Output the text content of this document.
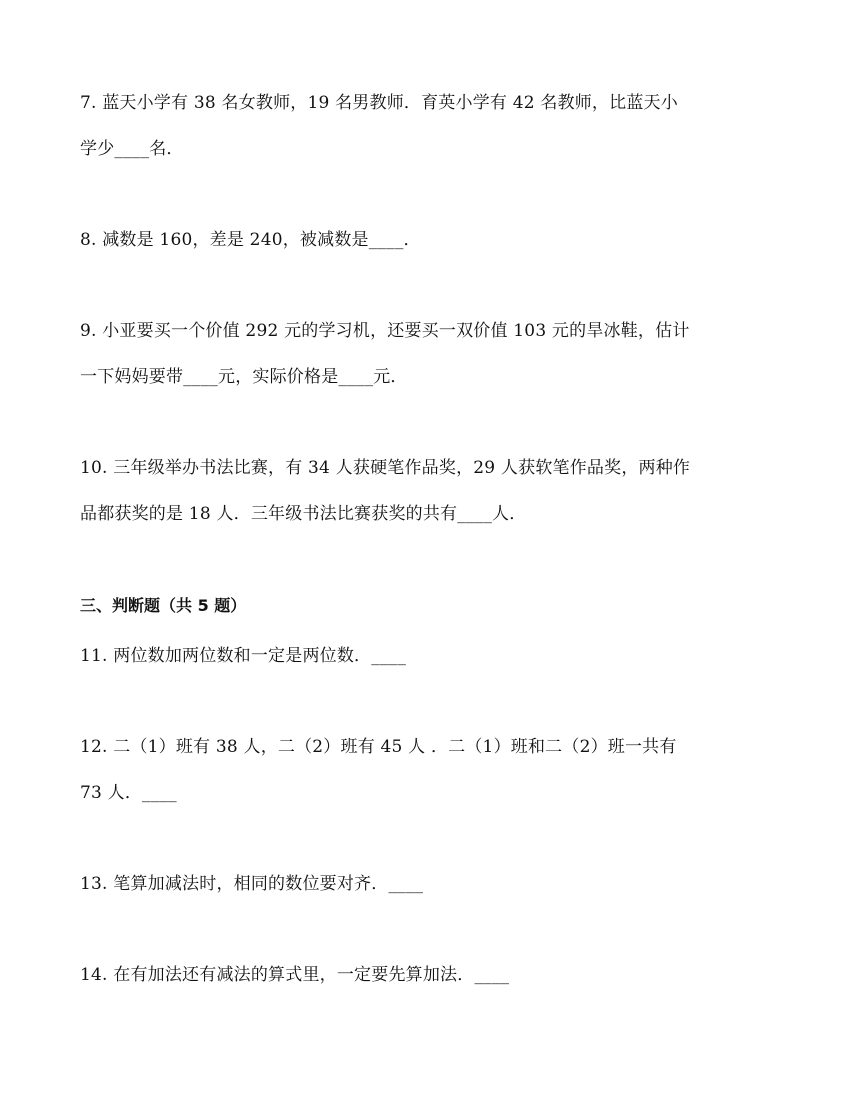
7. 蓝天小学有 38 名女教师，19 名男教师．育英小学有 42 名教师，比蓝天小
学少____名．
8. 减数是 160，差是 240，被减数是____．
9. 小亚要买一个价值 292 元的学习机，还要买一双价值 103 元的旱冰鞋，估计
一下妈妈要带____元，实际价格是____元．
10. 三年级举办书法比赛，有 34 人获硬笔作品奖，29 人获软笔作品奖，两种作
品都获奖的是 18 人．三年级书法比赛获奖的共有____人．
三、判断题（共 5 题）
11. 两位数加两位数和一定是两位数．____
12. 二（1）班有 38 人，二（2）班有 45 人 ．二（1）班和二（2）班一共有
73 人．____
13. 笔算加减法时，相同的数位要对齐．____
14. 在有加法还有减法的算式里，一定要先算加法．____
